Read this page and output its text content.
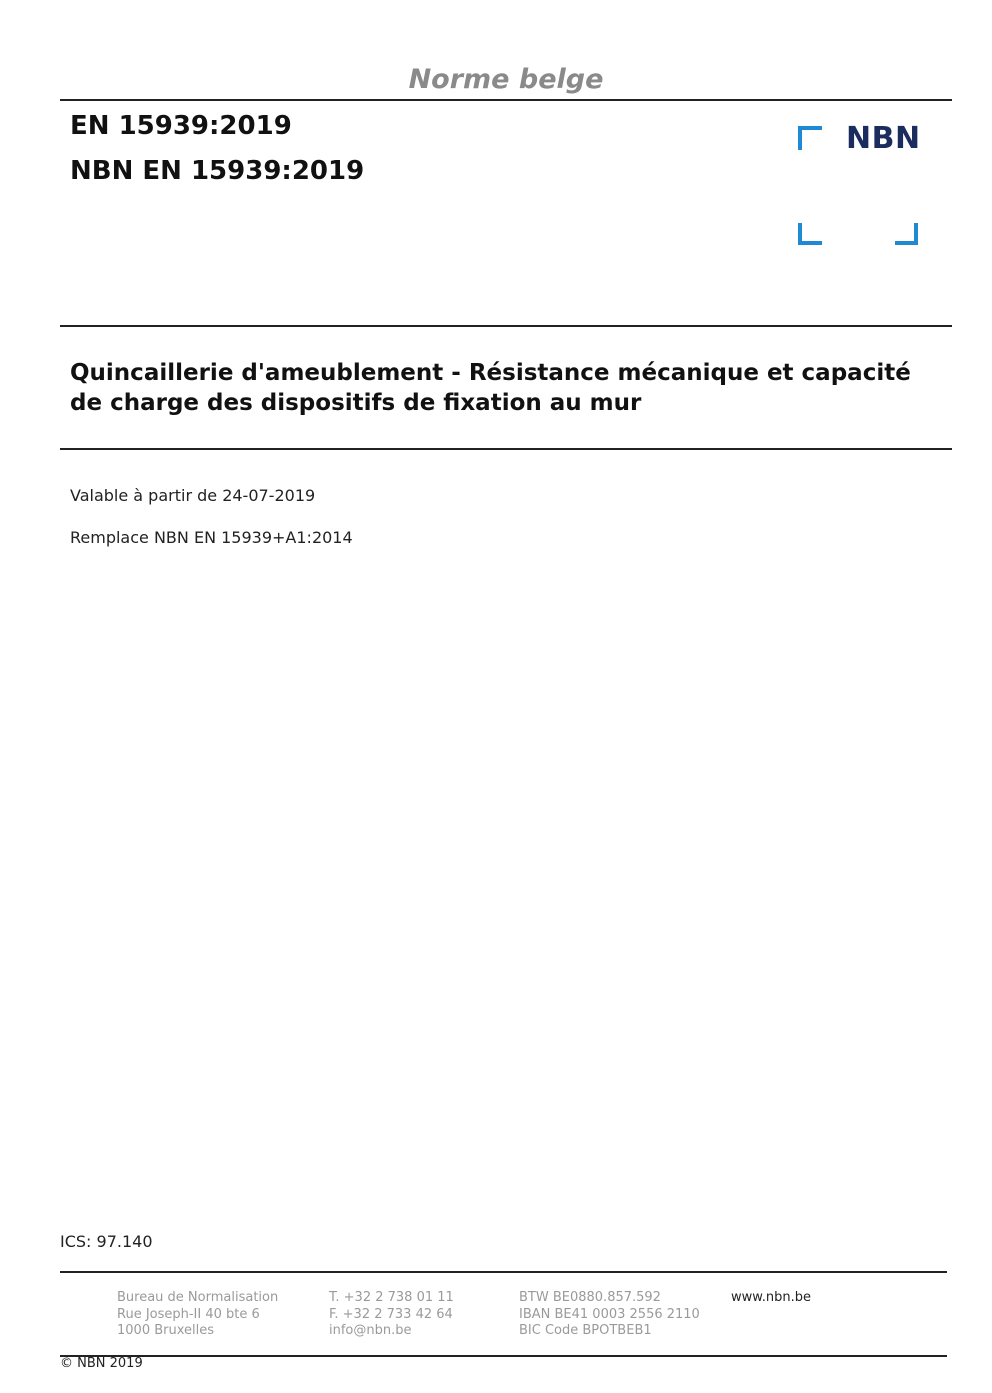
Norme belge
EN 15939:2019
NBN EN 15939:2019
NBN
Quincaillerie d'ameublement - Résistance mécanique et capacité
de charge des dispositifs de fixation au mur
Valable à partir de 24-07-2019
Remplace NBN EN 15939+A1:2014
ICS: 97.140
Bureau de Normalisation
Rue Joseph-II 40 bte 6
1000 Bruxelles
T. +32 2 738 01 11
F. +32 2 733 42 64
info@nbn.be
BTW BE0880.857.592
IBAN BE41 0003 2556 2110
BIC Code BPOTBEB1
www.nbn.be
© NBN 2019
